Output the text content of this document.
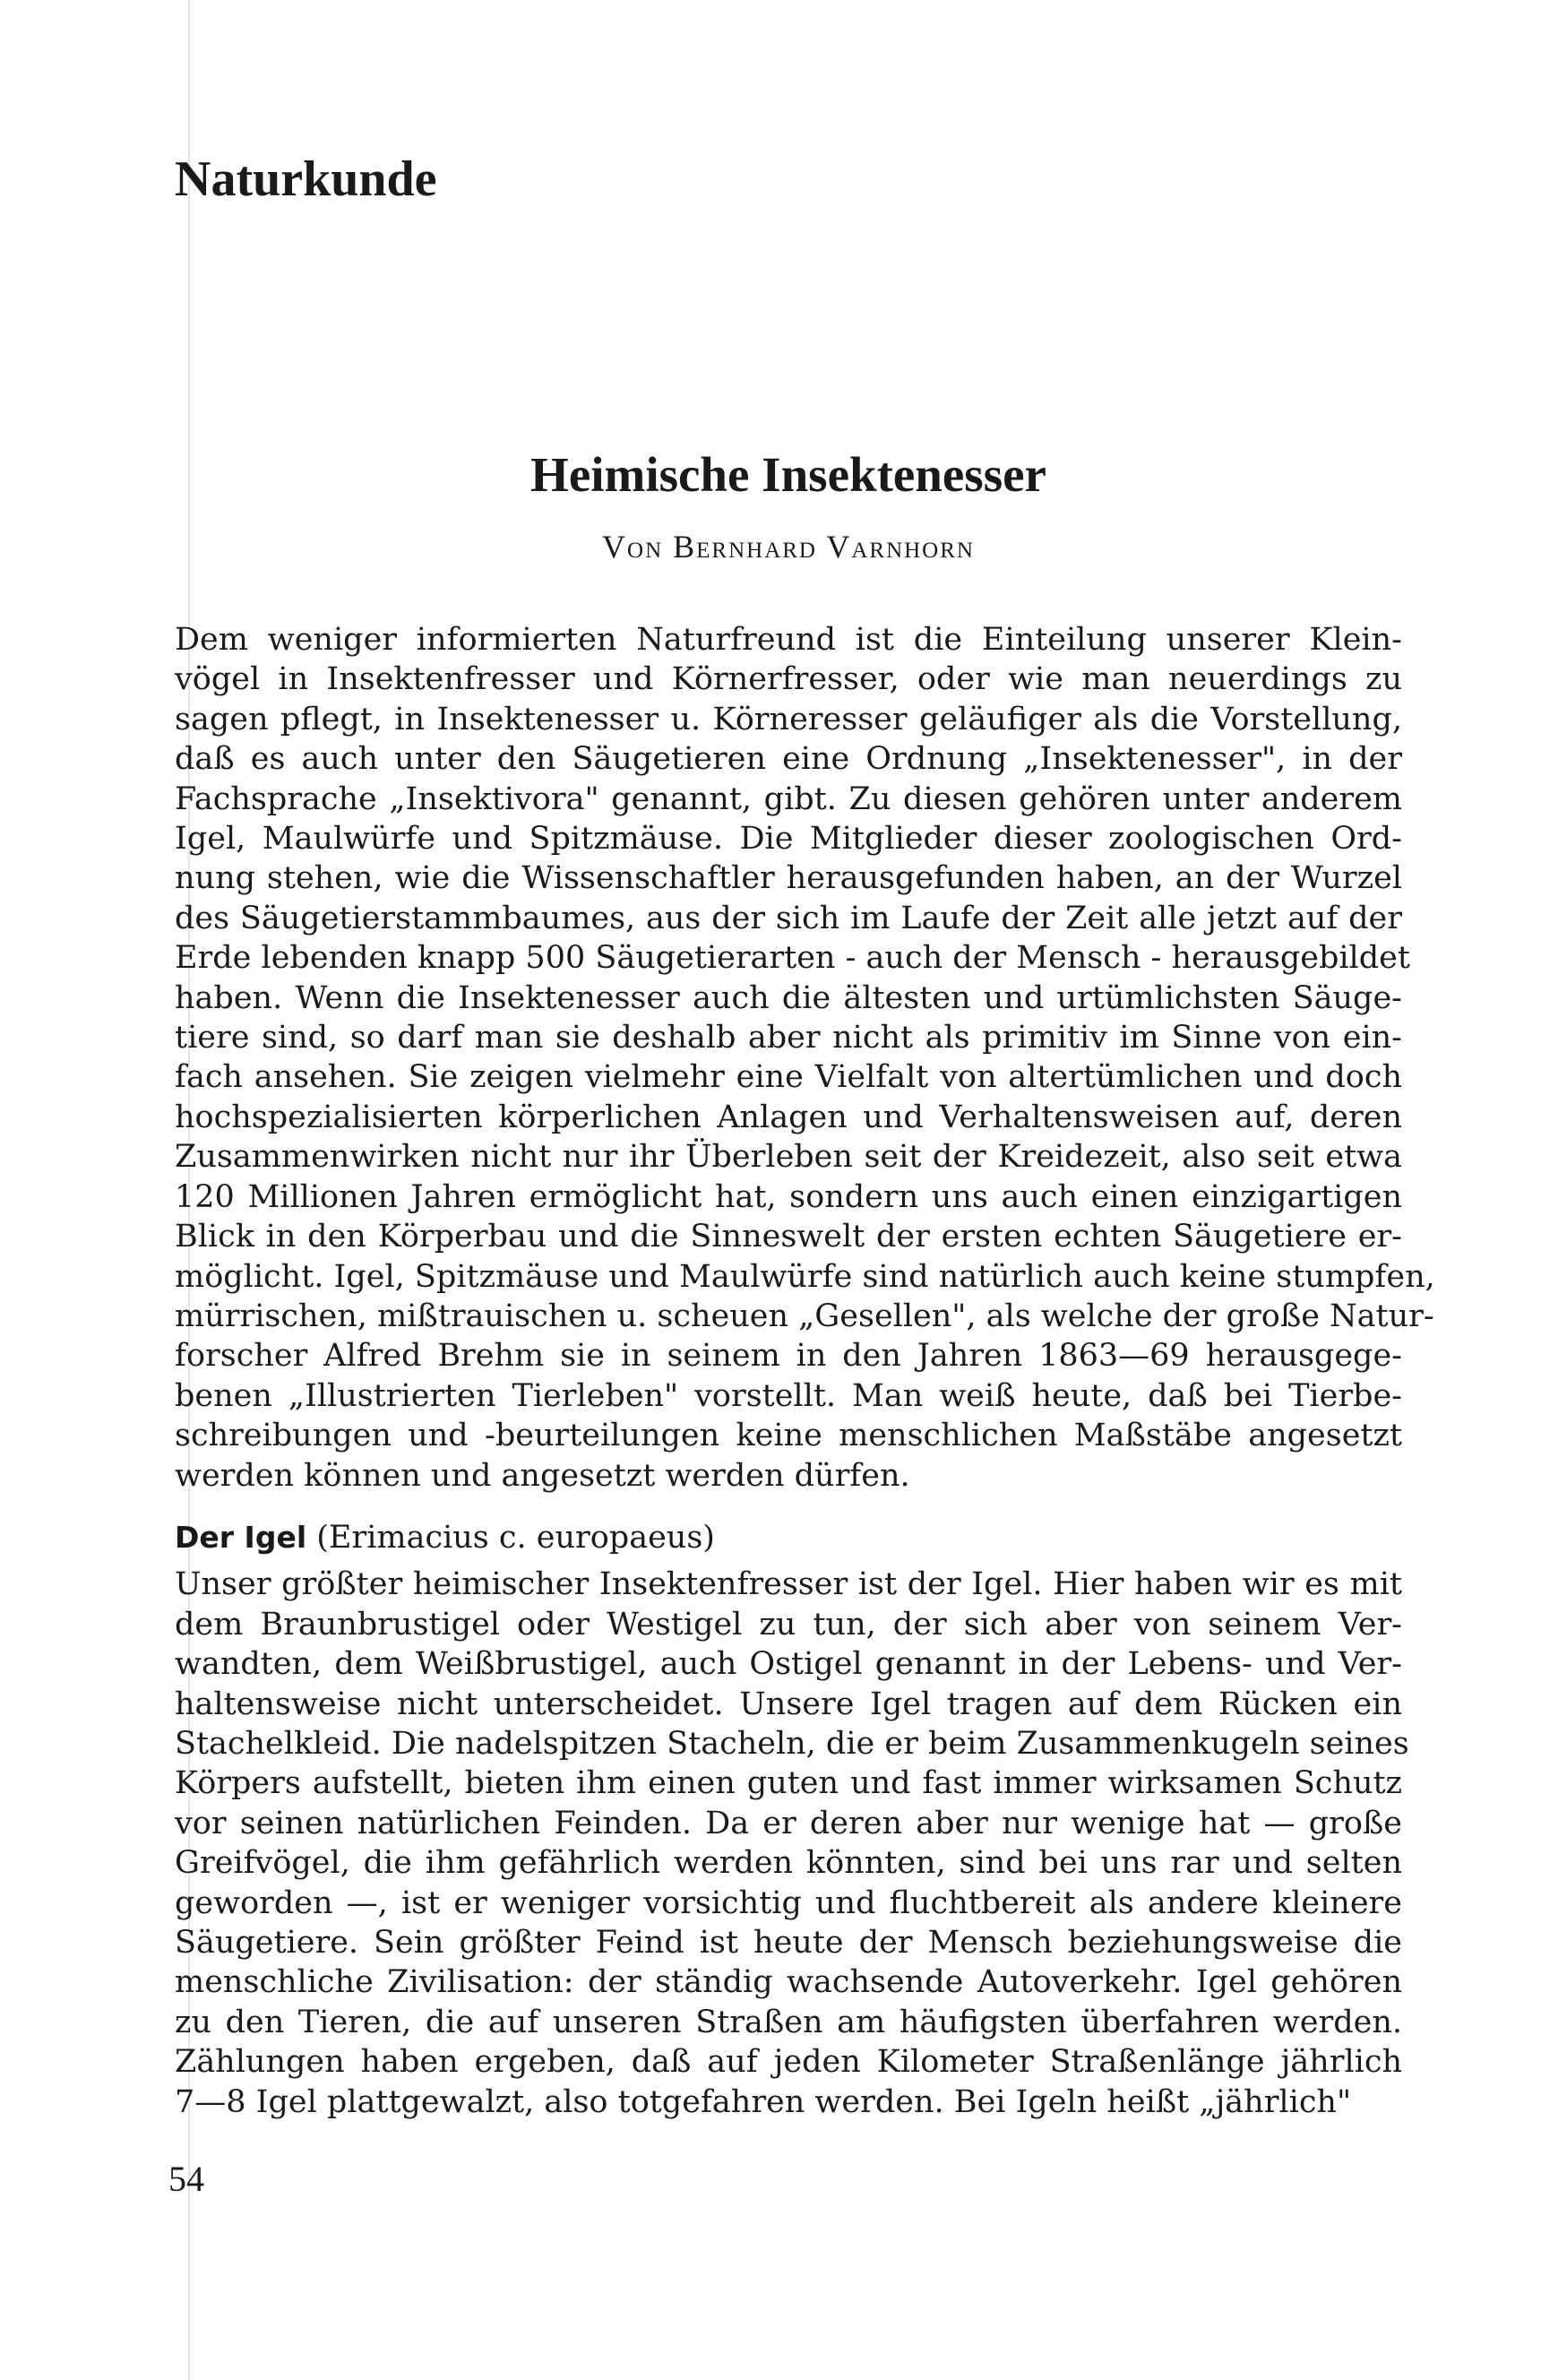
Naturkunde
Heimische Insektenesser
Von Bernhard Varnhorn
Dem weniger informierten Naturfreund ist die Einteilung unserer Klein-
vögel in Insektenfresser und Körnerfresser, oder wie man neuerdings zu
sagen pflegt, in Insektenesser u. Körneresser geläufiger als die Vorstellung,
daß es auch unter den Säugetieren eine Ordnung „Insektenesser", in der
Fachsprache „Insektivora" genannt, gibt. Zu diesen gehören unter anderem
Igel, Maulwürfe und Spitzmäuse. Die Mitglieder dieser zoologischen Ord-
nung stehen, wie die Wissenschaftler herausgefunden haben, an der Wurzel
des Säugetierstammbaumes, aus der sich im Laufe der Zeit alle jetzt auf der
Erde lebenden knapp 500 Säugetierarten - auch der Mensch - herausgebildet
haben. Wenn die Insektenesser auch die ältesten und urtümlichsten Säuge-
tiere sind, so darf man sie deshalb aber nicht als primitiv im Sinne von ein-
fach ansehen. Sie zeigen vielmehr eine Vielfalt von altertümlichen und doch
hochspezialisierten körperlichen Anlagen und Verhaltensweisen auf, deren
Zusammenwirken nicht nur ihr Überleben seit der Kreidezeit, also seit etwa
120 Millionen Jahren ermöglicht hat, sondern uns auch einen einzigartigen
Blick in den Körperbau und die Sinneswelt der ersten echten Säugetiere er-
möglicht. Igel, Spitzmäuse und Maulwürfe sind natürlich auch keine stumpfen,
mürrischen, mißtrauischen u. scheuen „Gesellen", als welche der große Natur-
forscher Alfred Brehm sie in seinem in den Jahren 1863—69 herausgege-
benen „Illustrierten Tierleben" vorstellt. Man weiß heute, daß bei Tierbe-
schreibungen und -beurteilungen keine menschlichen Maßstäbe angesetzt
werden können und angesetzt werden dürfen.
Der Igel (Erimacius c. europaeus)
Unser größter heimischer Insektenfresser ist der Igel. Hier haben wir es mit
dem Braunbrustigel oder Westigel zu tun, der sich aber von seinem Ver-
wandten, dem Weißbrustigel, auch Ostigel genannt in der Lebens- und Ver-
haltensweise nicht unterscheidet. Unsere Igel tragen auf dem Rücken ein
Stachelkleid. Die nadelspitzen Stacheln, die er beim Zusammenkugeln seines
Körpers aufstellt, bieten ihm einen guten und fast immer wirksamen Schutz
vor seinen natürlichen Feinden. Da er deren aber nur wenige hat — große
Greifvögel, die ihm gefährlich werden könnten, sind bei uns rar und selten
geworden —, ist er weniger vorsichtig und fluchtbereit als andere kleinere
Säugetiere. Sein größter Feind ist heute der Mensch beziehungsweise die
menschliche Zivilisation: der ständig wachsende Autoverkehr. Igel gehören
zu den Tieren, die auf unseren Straßen am häufigsten überfahren werden.
Zählungen haben ergeben, daß auf jeden Kilometer Straßenlänge jährlich
7—8 Igel plattgewalzt, also totgefahren werden. Bei Igeln heißt „jährlich"
54
